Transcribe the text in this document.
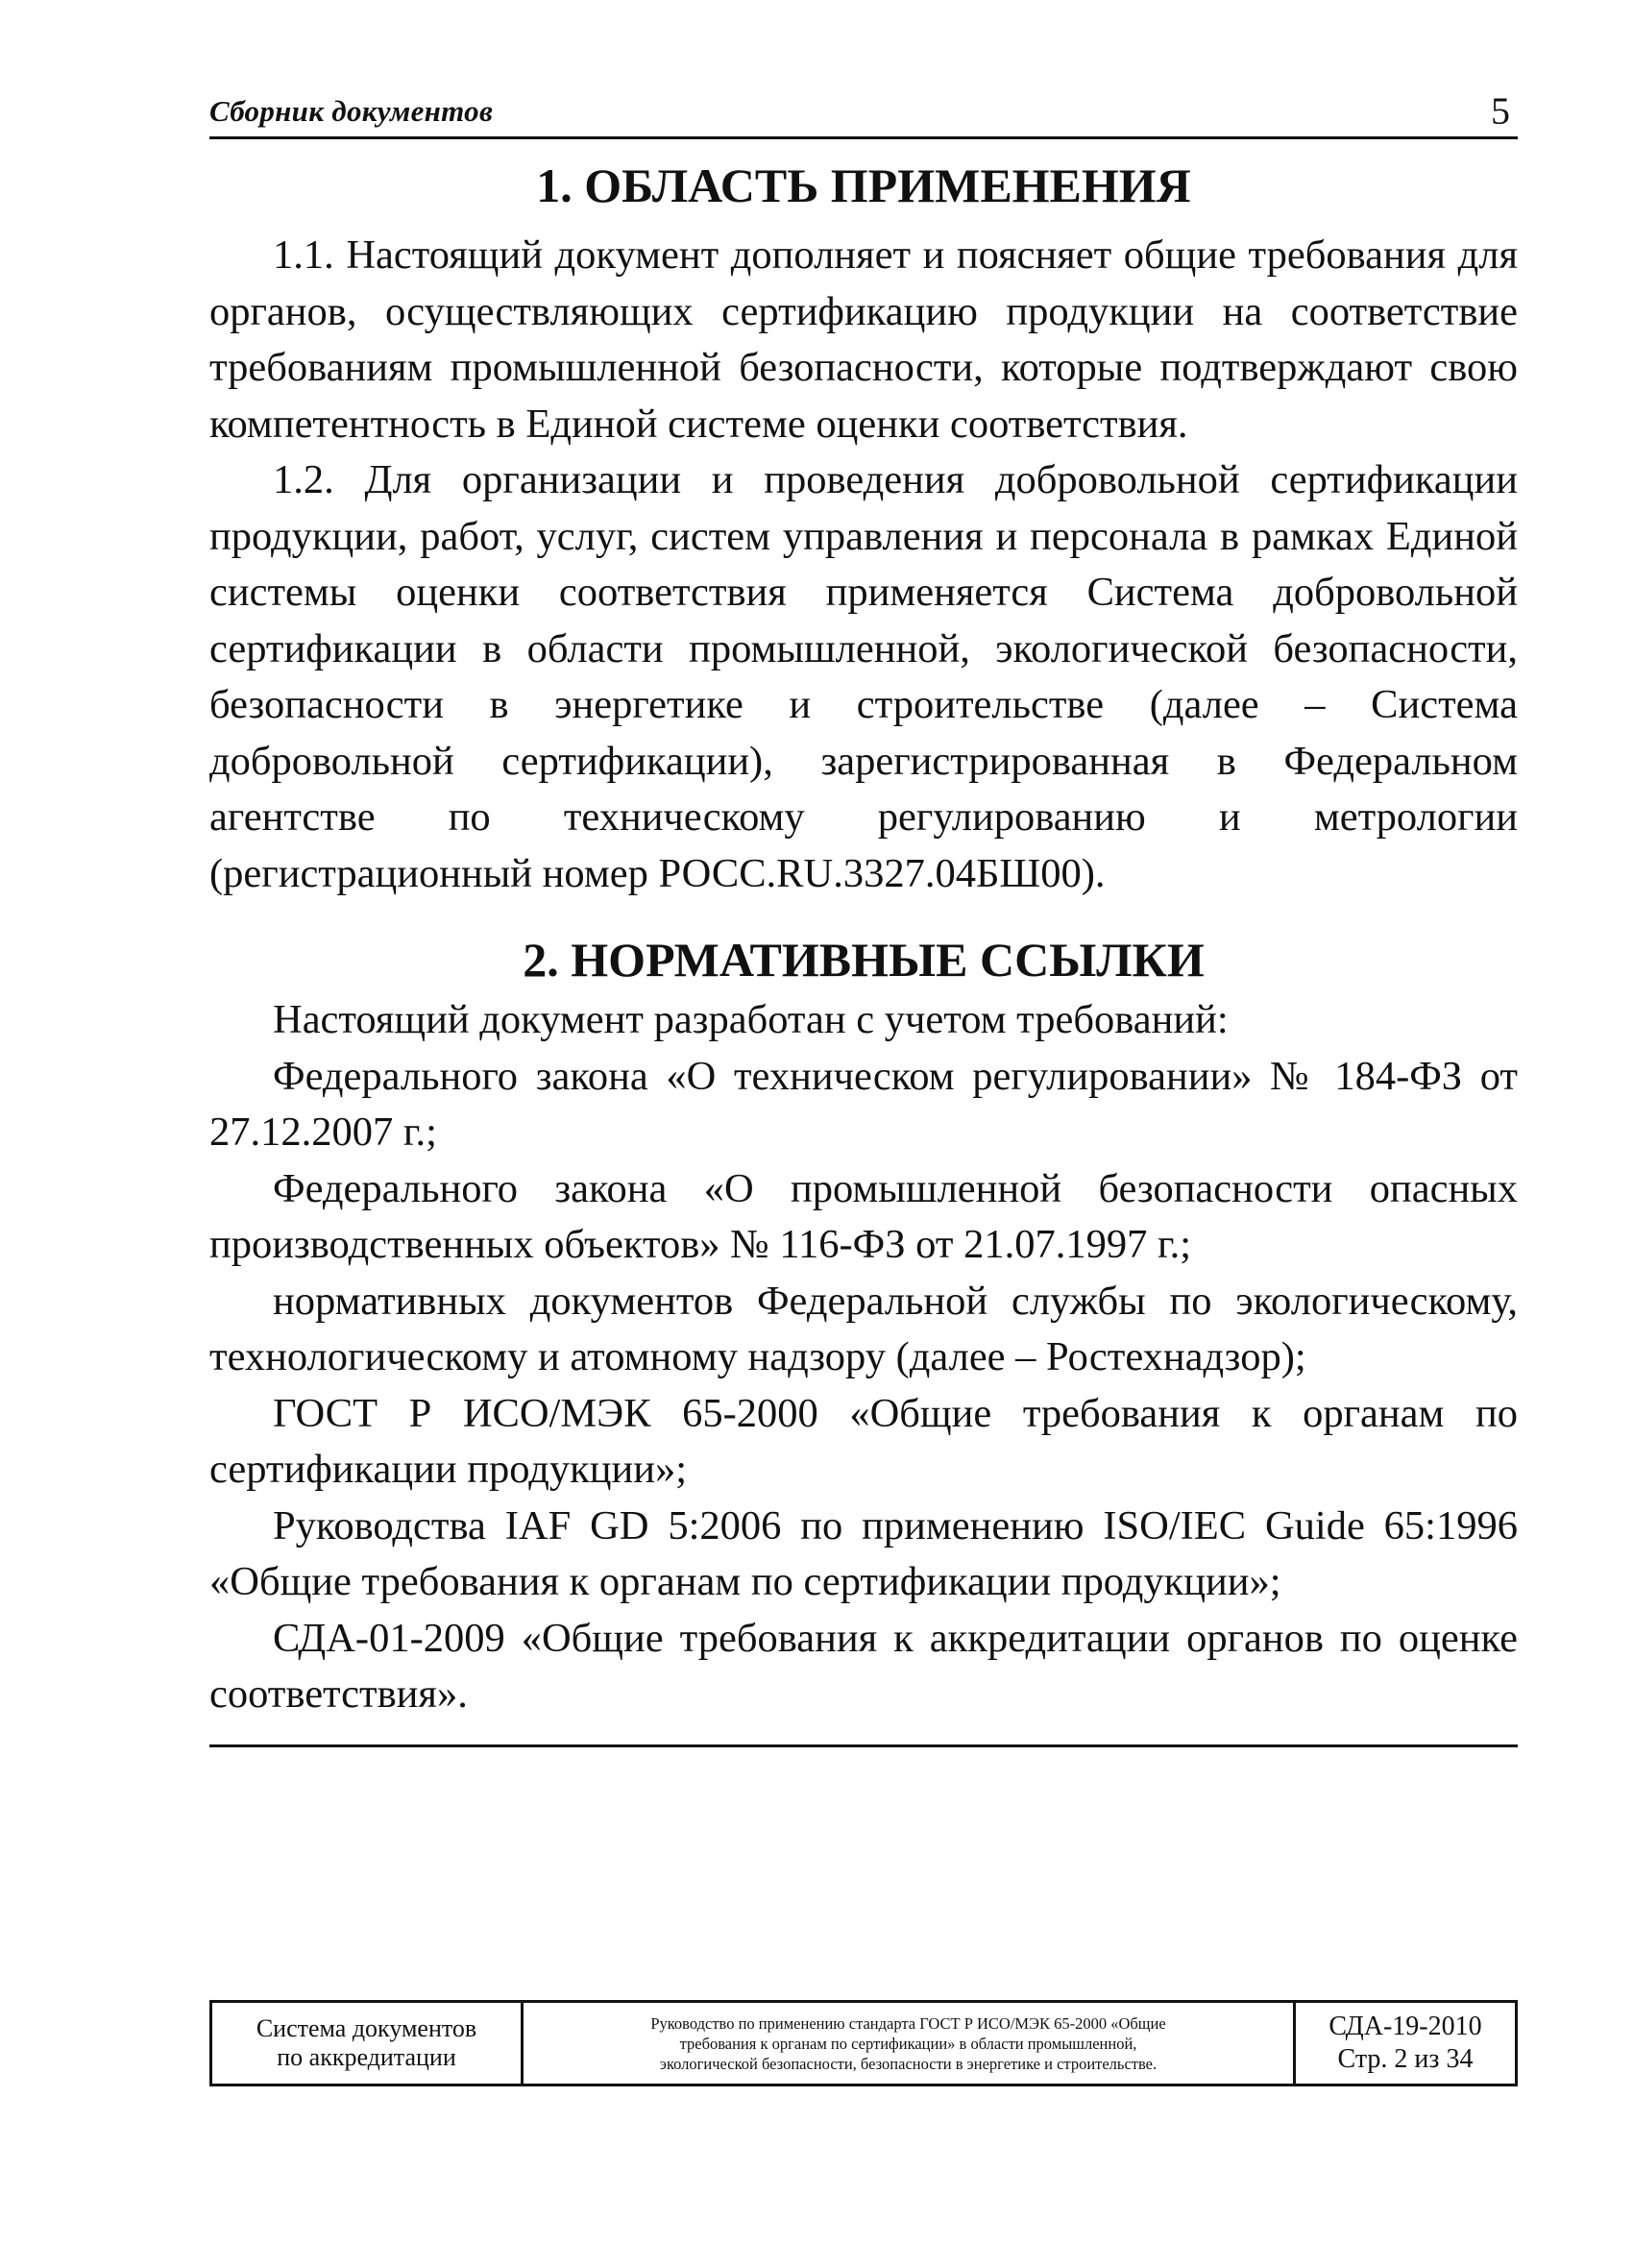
Сборник документов	5
1. ОБЛАСТЬ ПРИМЕНЕНИЯ

1.1. Настоящий документ дополняет и поясняет общие требования для органов, осуществляющих сертификацию продукции на соответствие требованиям промышленной безопасности, которые подтверждают свою компетентность в Единой системе оценки соответствия.

1.2. Для организации и проведения добровольной сертификации продукции, работ, услуг, систем управления и персонала в рамках Единой системы оценки соответствия применяется Система добровольной сертификации в области промышленной, экологической безопасности, безопасности в энергетике и строительстве (далее – Система добровольной сертификации), зарегистрированная в Федеральном агентстве по техническому регулированию и метрологии (регистрационный номер РОСС.RU.3327.04БШ00).

2. НОРМАТИВНЫЕ ССЫЛКИ

Настоящий документ разработан с учетом требований:

Федерального закона «О техническом регулировании» № 184-ФЗ от 27.12.2007 г.;

Федерального закона «О промышленной безопасности опасных производственных объектов» № 116-ФЗ от 21.07.1997 г.;

нормативных документов Федеральной службы по экологическому, технологическому и атомному надзору (далее – Ростехнадзор);

ГОСТ Р ИСО/МЭК 65-2000 «Общие требования к органам по сертификации продукции»;

Руководства IAF GD 5:2006 по применению ISO/IEC Guide 65:1996 «Общие требования к органам по сертификации продукции»;

СДА-01-2009 «Общие требования к аккредитации органов по оценке соответствия».

Система документов
по аккредитации
Руководство по применению стандарта ГОСТ Р ИСО/МЭК 65-2000 «Общие
требования к органам по сертификации» в области промышленной,
экологической безопасности, безопасности в энергетике и строительстве.
СДА-19-2010
Стр. 2 из 34
